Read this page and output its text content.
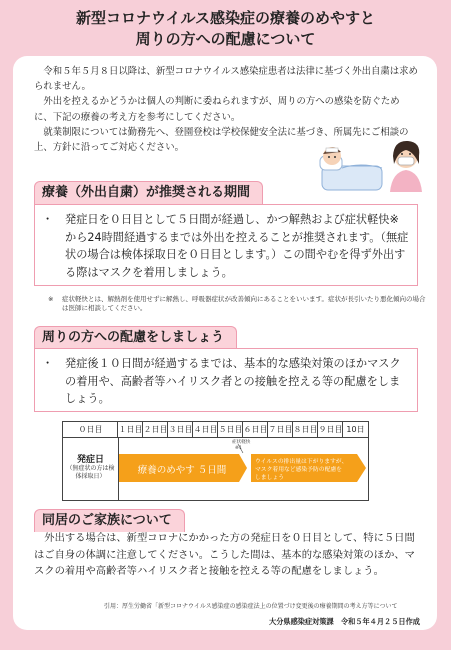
新型コロナウイルス感染症の療養のめやすと
周りの方への配慮について

令和５年５月８日以降は、新型コロナウイルス感染症患者は法律に基づく外出自粛は求められません。

外出を控えるかどうかは個人の判断に委ねられますが、周りの方への感染を防ぐために、下記の療養の考え方を参考にしてください。

就業制限については勤務先へ、登園登校は学校保健安全法に基づき、所属先にご相談の上、方針に沿ってご対応ください。

療養（外出自粛）が推奨される期間
・ 発症日を０日目として５日間が経過し、かつ解熱および症状軽快※ から24時間経過するまでは外出を控えることが推奨されます。（無症状の場合は検体採取日を０日目とします。）この間やむを得ず外出する際はマスクを着用しましょう。
※ 症状軽快とは、解熱剤を使用せずに解熱し、呼吸器症状が改善傾向にあることをいいます。症状が長引いたり悪化傾向の場合は医師に相談してください。
周りの方への配慮をしましょう
・ 発症後１０日間が経過するまでは、基本的な感染対策のほかマスクの着用や、高齢者等ハイリスク者との接触を控える等の配慮をしましょう。
０日目	１日目 ２日目 ３日目 ４日目 ５日目 ６日目 ７日目 ８日目 ９日目 10日
発症日
（無症状の方は検体採取日）
療養のめやす ５日間
ウイルスの排出量は下がりますが、
マスク着用など感染予防の配慮を
しましょう
症状軽快
※1
同居のご家族について

外出する場合は、新型コロナにかかった方の発症日を０日目として、特に５日間はご自身の体調に注意してください。こうした間は、基本的な感染対策のほか、マスクの着用や高齢者等ハイリスク者と接触を控える等の配慮をしましょう。

引用：厚生労働省「新型コロナウイルス感染症の感染症法上の位置づけ変更後の療養期間の考え方等について
大分県感染症対策課　令和５年４月２５日作成
